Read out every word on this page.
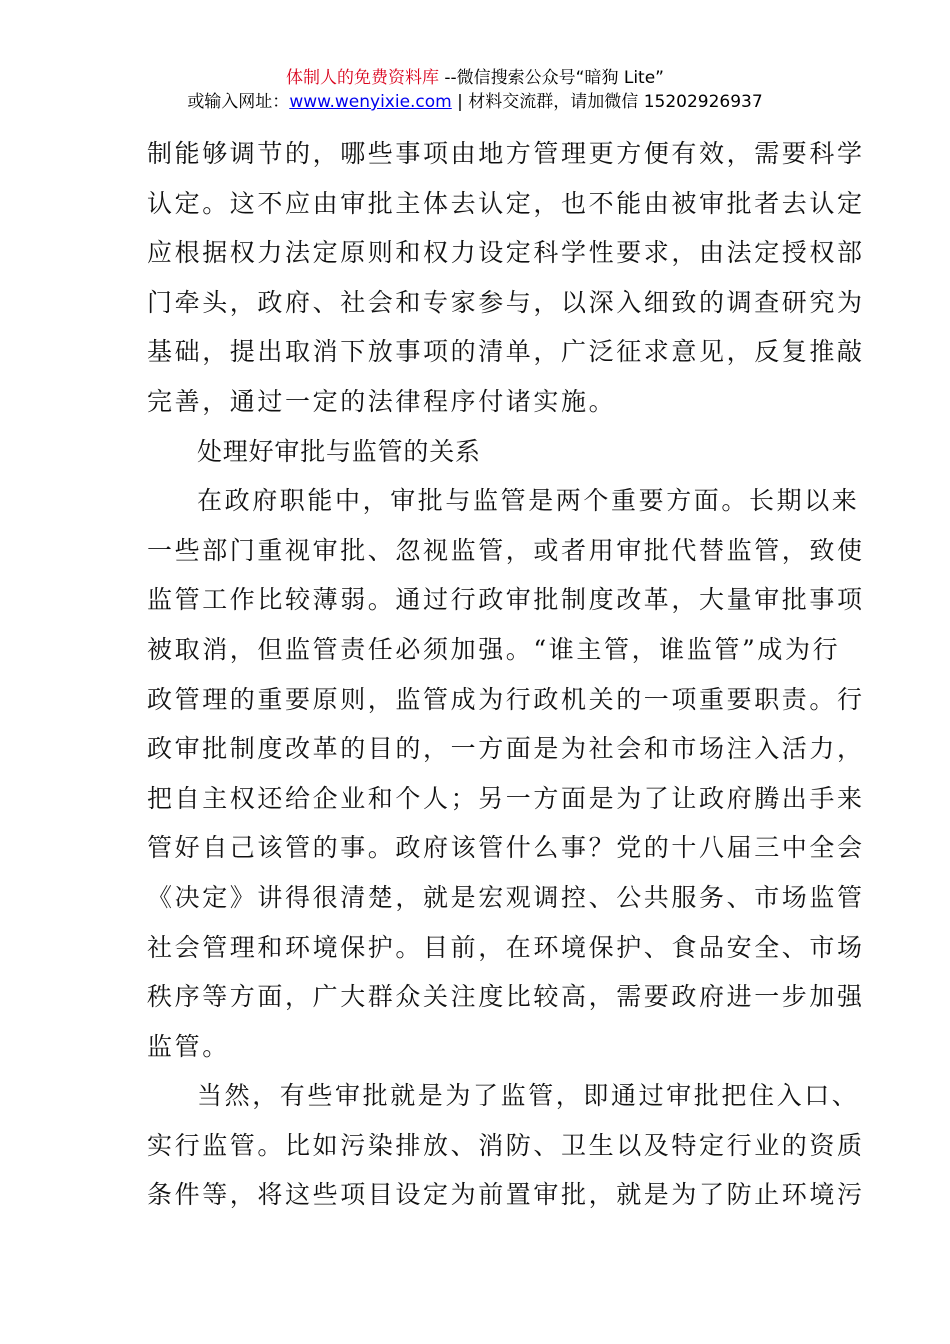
体制人的免费资料库 --微信搜索公众号“暗狗 Lite”
或输入网址：www.wenyixie.com | 材料交流群，请加微信 15202926937

制能够调节的，哪些事项由地方管理更方便有效，需要科学

认定。这不应由审批主体去认定，也不能由被审批者去认定

应根据权力法定原则和权力设定科学性要求，由法定授权部

门牵头，政府、社会和专家参与，以深入细致的调查研究为

基础，提出取消下放事项的清单，广泛征求意见，反复推敲

完善，通过一定的法律程序付诸实施。

处理好审批与监管的关系

在政府职能中，审批与监管是两个重要方面。长期以来

一些部门重视审批、忽视监管，或者用审批代替监管，致使

监管工作比较薄弱。通过行政审批制度改革，大量审批事项

被取消，但监管责任必须加强。“谁主管，谁监管”成为行

政管理的重要原则，监管成为行政机关的一项重要职责。行

政审批制度改革的目的，一方面是为社会和市场注入活力，

把自主权还给企业和个人；另一方面是为了让政府腾出手来

管好自己该管的事。政府该管什么事？党的十八届三中全会

《决定》讲得很清楚，就是宏观调控、公共服务、市场监管

社会管理和环境保护。目前，在环境保护、食品安全、市场

秩序等方面，广大群众关注度比较高，需要政府进一步加强

监管。

当然，有些审批就是为了监管，即通过审批把住入口、

实行监管。比如污染排放、消防、卫生以及特定行业的资质

条件等，将这些项目设定为前置审批，就是为了防止环境污
